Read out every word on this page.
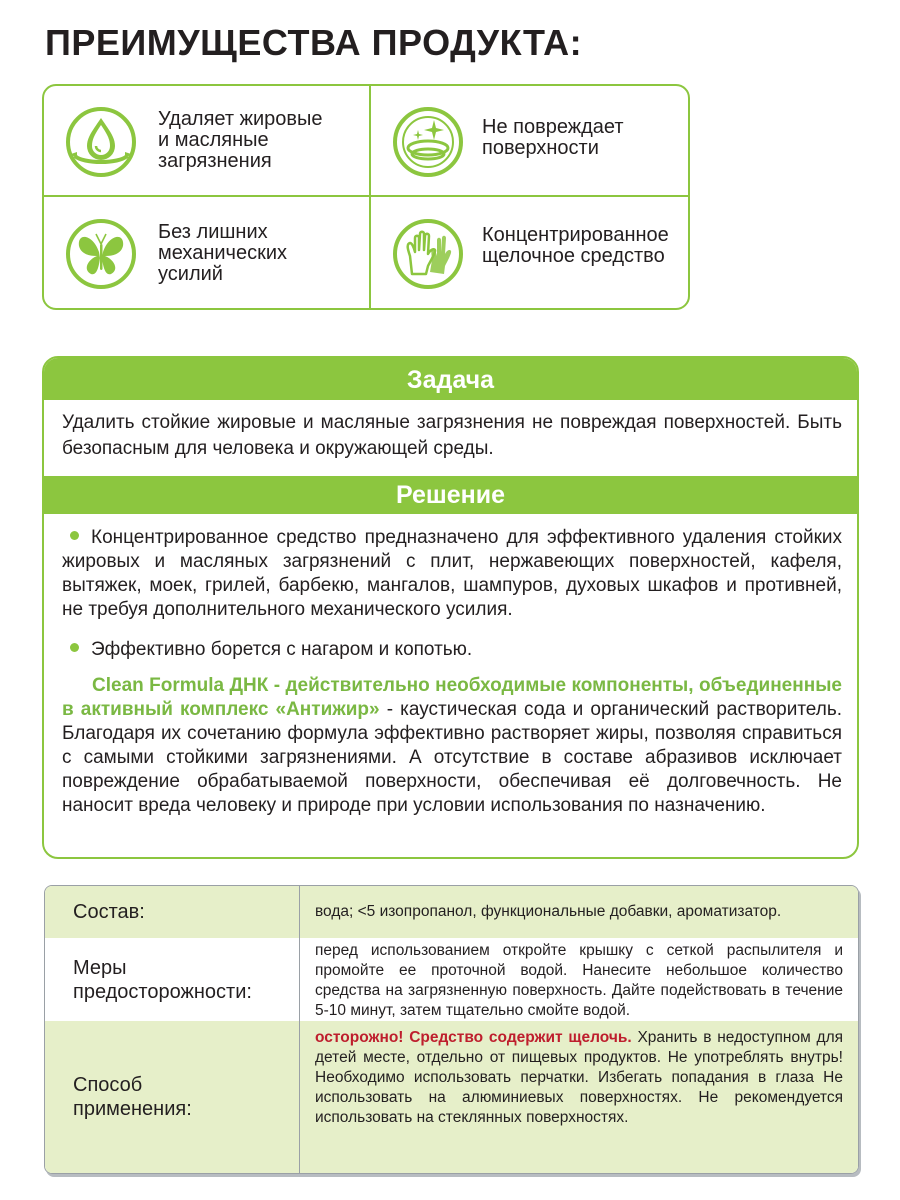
ПРЕИМУЩЕСТВА ПРОДУКТА:
Удаляет жировые
и масляные
загрязнения
Не повреждает
поверхности
Без лишних
механических
усилий
Концентрированное
щелочное средство
Задача
Удалить стойкие жировые и масляные загрязнения не повреждая поверхностей. Быть безопасным для человека и окружающей среды.
Решение
Концентрированное средство предназначено для эффективного удаления стойких жировых и масляных загрязнений с плит, нержавеющих поверхностей, кафеля, вытяжек, моек, грилей, барбекю, мангалов, шампуров, духовых шкафов и противней, не требуя дополнительного механического усилия.
Эффективно борется с нагаром и копотью.
Clean Formula ДНК - действительно необходимые компоненты, объединенные в активный комплекс «Антижир» - каустическая сода и органический растворитель. Благодаря их сочетанию формула эффективно растворяет жиры, позволяя справиться с самыми стойкими загрязнениями. А отсутствие в составе абразивов исключает повреждение обрабатываемой поверхности, обеспечивая её долговечность. Не наносит вреда человеку и природе при условии использования по назначению.
Состав:	вода; <5 изопропанол, функциональные добавки, ароматизатор.
Меры
предосторожности:
перед использованием откройте крышку с сеткой распылителя и промойте ее проточной водой. Нанесите небольшое количество средства на загрязненную поверхность. Дайте подействовать в течение 5-10 минут, затем тщательно смойте водой.
Способ
применения:
осторожно! Средство содержит щелочь. Хранить в недоступном для детей месте, отдельно от пищевых продуктов. Не употреблять внутрь! Необходимо использовать перчатки. Избегать попадания в глаза Не использовать на алюминиевых поверхностях. Не рекомендуется использовать на стеклянных поверхностях.
